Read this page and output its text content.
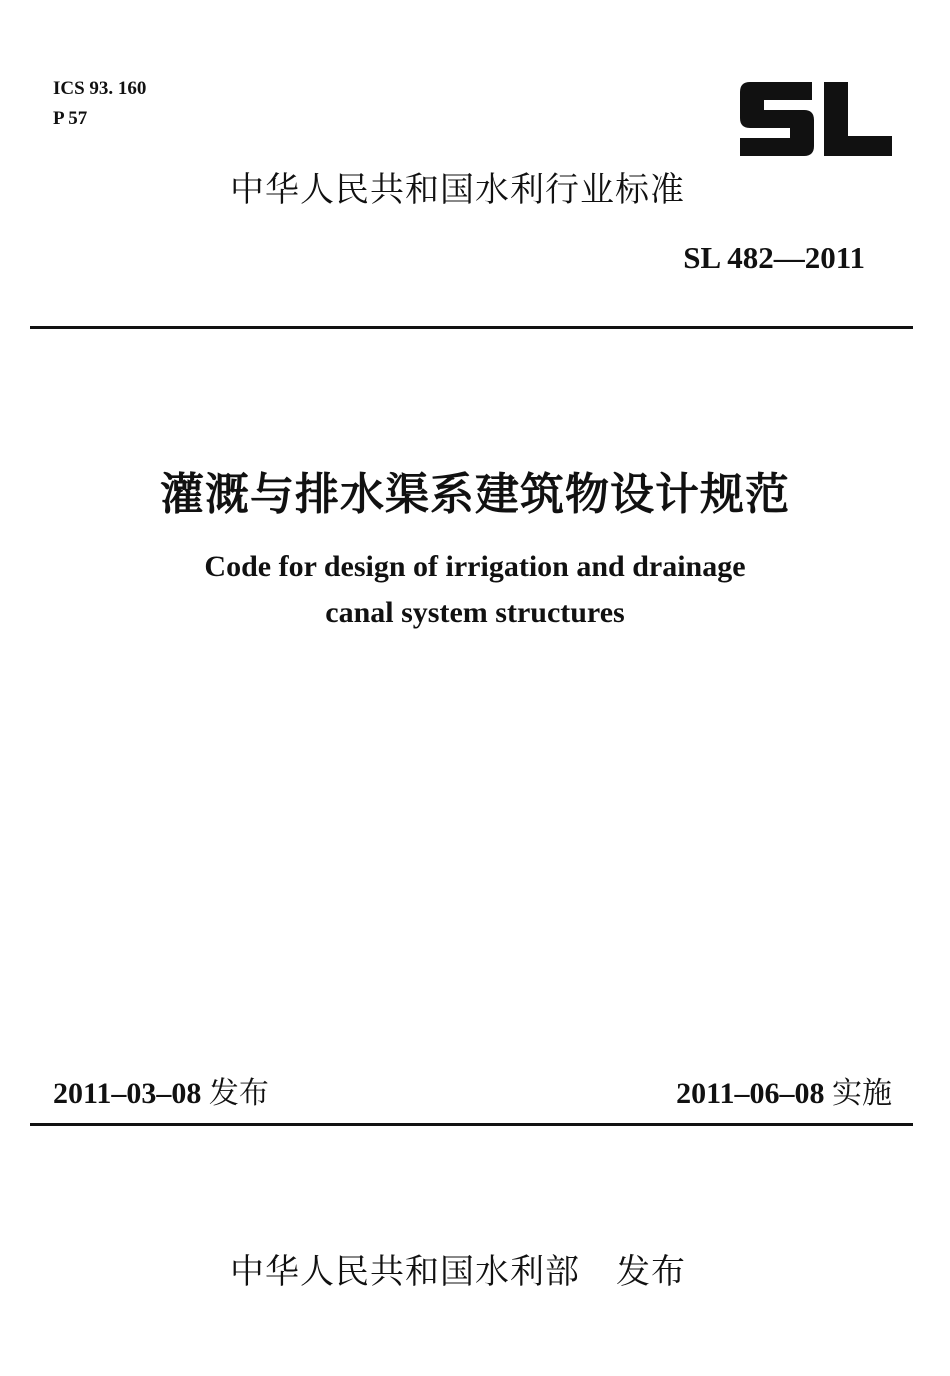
ICS 93. 160
P 57
中华人民共和国水利行业标准
SL 482—2011
灌溉与排水渠系建筑物设计规范
Code for design of irrigation and drainage
canal system structures
2011–03–08 发布	2011–06–08 实施
中华人民共和国水利部 发布
